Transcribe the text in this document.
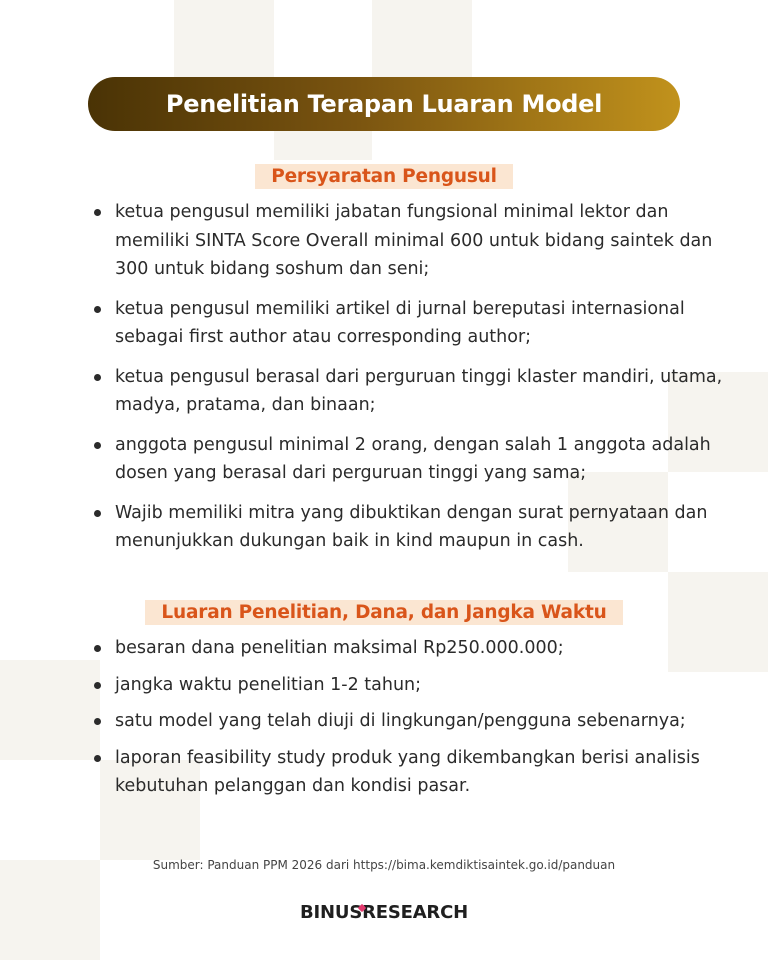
Penelitian Terapan Luaran Model
Persyaratan Pengusul
ketua pengusul memiliki jabatan fungsional minimal lektor dan memiliki SINTA Score Overall minimal 600 untuk bidang saintek dan 300 untuk bidang soshum dan seni;
ketua pengusul memiliki artikel di jurnal bereputasi internasional sebagai first author atau corresponding author;
ketua pengusul berasal dari perguruan tinggi klaster mandiri, utama, madya, pratama, dan binaan;
anggota pengusul minimal 2 orang, dengan salah 1 anggota adalah dosen yang berasal dari perguruan tinggi yang sama;
Wajib memiliki mitra yang dibuktikan dengan surat pernyataan dan menunjukkan dukungan baik in kind maupun in cash.
Luaran Penelitian, Dana, dan Jangka Waktu
besaran dana penelitian maksimal Rp250.000.000;
jangka waktu penelitian 1-2 tahun;
satu model yang telah diuji di lingkungan/pengguna sebenarnya;
laporan feasibility study produk yang dikembangkan berisi analisis kebutuhan pelanggan dan kondisi pasar.
Sumber: Panduan PPM 2026 dari https://bima.kemdiktisaintek.go.id/panduan
BINUSRESEARCH
